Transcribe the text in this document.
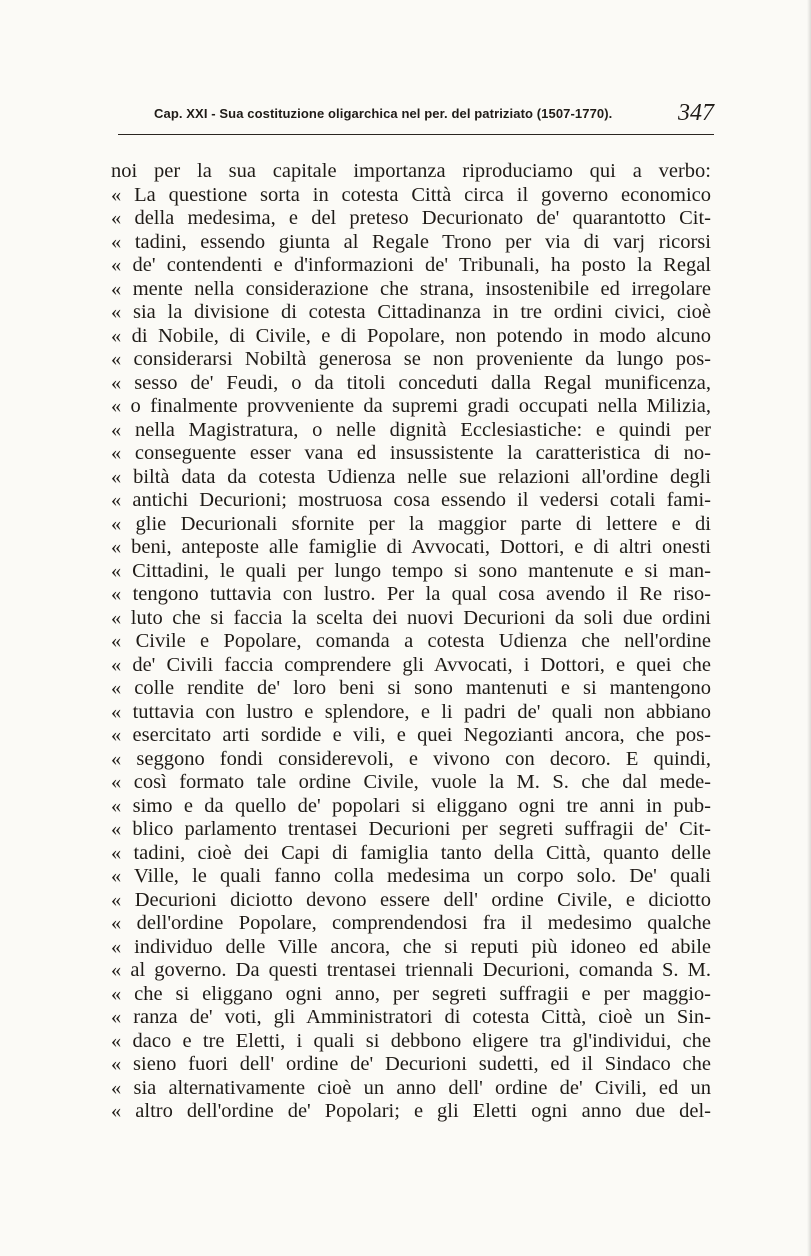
Cap. XXI - Sua costituzione oligarchica nel per. del patriziato (1507-1770).	347
noi per la sua capitale importanza riproduciamo qui a verbo:
« La questione sorta in cotesta Città circa il governo economico
« della medesima, e del preteso Decurionato de' quarantotto Cit-
« tadini, essendo giunta al Regale Trono per via di varj ricorsi
« de' contendenti e d'informazioni de' Tribunali, ha posto la Regal
« mente nella considerazione che strana, insostenibile ed irregolare
« sia la divisione di cotesta Cittadinanza in tre ordini civici, cioè
« di Nobile, di Civile, e di Popolare, non potendo in modo alcuno
« considerarsi Nobiltà generosa se non proveniente da lungo pos-
« sesso de' Feudi, o da titoli conceduti dalla Regal munificenza,
« o finalmente provveniente da supremi gradi occupati nella Milizia,
« nella Magistratura, o nelle dignità Ecclesiastiche: e quindi per
« conseguente esser vana ed insussistente la caratteristica di no-
« biltà data da cotesta Udienza nelle sue relazioni all'ordine degli
« antichi Decurioni; mostruosa cosa essendo il vedersi cotali fami-
« glie Decurionali sfornite per la maggior parte di lettere e di
« beni, anteposte alle famiglie di Avvocati, Dottori, e di altri onesti
« Cittadini, le quali per lungo tempo si sono mantenute e si man-
« tengono tuttavia con lustro. Per la qual cosa avendo il Re riso-
« luto che si faccia la scelta dei nuovi Decurioni da soli due ordini
« Civile e Popolare, comanda a cotesta Udienza che nell'ordine
« de' Civili faccia comprendere gli Avvocati, i Dottori, e quei che
« colle rendite de' loro beni si sono mantenuti e si mantengono
« tuttavia con lustro e splendore, e li padri de' quali non abbiano
« esercitato arti sordide e vili, e quei Negozianti ancora, che pos-
« seggono fondi considerevoli, e vivono con decoro. E quindi,
« così formato tale ordine Civile, vuole la M. S. che dal mede-
« simo e da quello de' popolari si eliggano ogni tre anni in pub-
« blico parlamento trentasei Decurioni per segreti suffragii de' Cit-
« tadini, cioè dei Capi di famiglia tanto della Città, quanto delle
« Ville, le quali fanno colla medesima un corpo solo. De' quali
« Decurioni diciotto devono essere dell' ordine Civile, e diciotto
« dell'ordine Popolare, comprendendosi fra il medesimo qualche
« individuo delle Ville ancora, che si reputi più idoneo ed abile
« al governo. Da questi trentasei triennali Decurioni, comanda S. M.
« che si eliggano ogni anno, per segreti suffragii e per maggio-
« ranza de' voti, gli Amministratori di cotesta Città, cioè un Sin-
« daco e tre Eletti, i quali si debbono eligere tra gl'individui, che
« sieno fuori dell' ordine de' Decurioni sudetti, ed il Sindaco che
« sia alternativamente cioè un anno dell' ordine de' Civili, ed un
« altro dell'ordine de' Popolari; e gli Eletti ogni anno due del-
